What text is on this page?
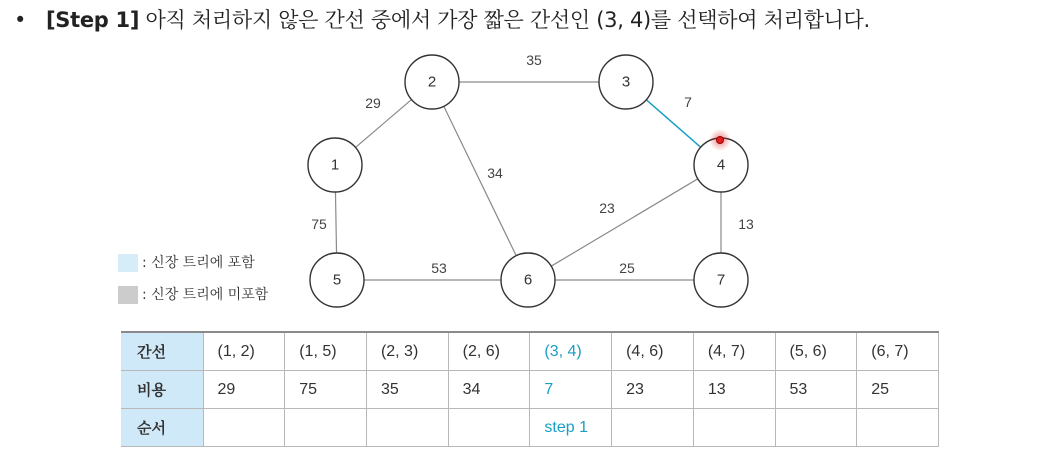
• [Step 1] 아직 처리하지 않은 간선 중에서 가장 짧은 간선인 (3, 4)를 선택하여 처리합니다.
29
35
7
34
75
23
13
53	25
1
2	3
4
5	6	7
: 신장 트리에 포함
: 신장 트리에 미포함
간선	(1, 2)	(1, 5)	(2, 3)	(2, 6)	(3, 4)	(4, 6)	(4, 7)	(5, 6)	(6, 7)
비용	29	75	35	34	7	23	13	53	25
순서					step 1				
